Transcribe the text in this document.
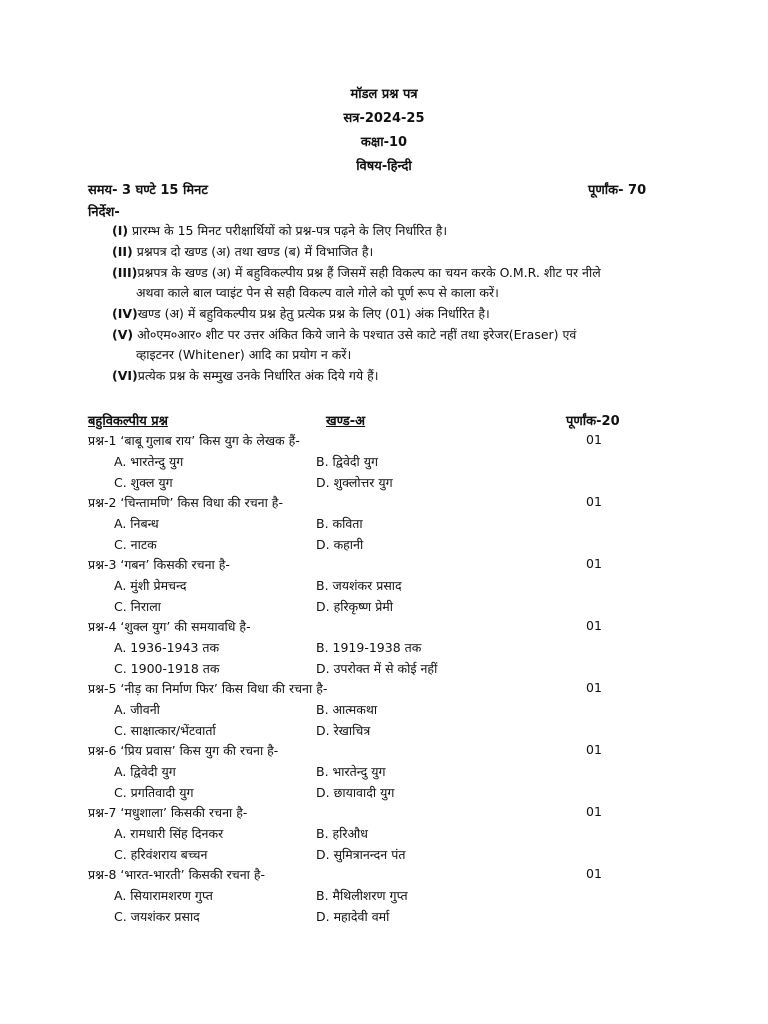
मॉडल प्रश्न पत्र
सत्र-2024-25
कक्षा-10
विषय-हिन्दी
समय- 3 घण्टे 15 मिनट	पूर्णांक- 70
निर्देश-
(I) प्रारम्भ के 15 मिनट परीक्षार्थियों को प्रश्न-पत्र पढ़ने के लिए निर्धारित है।
(II) प्रश्नपत्र दो खण्ड (अ) तथा खण्ड (ब) में विभाजित है।
(III)प्रश्नपत्र के खण्ड (अ) में बहुविकल्पीय प्रश्न हैं जिसमें सही विकल्प का चयन करके O.M.R. शीट पर नीले
अथवा काले बाल प्वाइंट पेन से सही विकल्प वाले गोले को पूर्ण रूप से काला करें।
(IV)खण्ड (अ) में बहुविकल्पीय प्रश्न हेतु प्रत्येक प्रश्न के लिए (01) अंक निर्धारित है।
(V) ओ०एम०आर० शीट पर उत्तर अंकित किये जाने के पश्चात उसे काटे नहीं तथा इरेजर(Eraser) एवं
व्हाइटनर (Whitener) आदि का प्रयोग न करें।
(VI)प्रत्येक प्रश्न के सम्मुख उनके निर्धारित अंक दिये गये हैं।
बहुविकल्पीय प्रश्न	खण्ड-अ	पूर्णांक-20
प्रश्न-1 ‘बाबू गुलाब राय’ किस युग के लेखक हैं-	01
A. भारतेन्दु युग	B. द्विवेदी युग
C. शुक्ल युग	D. शुक्लोत्तर युग
प्रश्न-2 ‘चिन्तामणि’ किस विधा की रचना है-	01
A. निबन्ध	B. कविता
C. नाटक	D. कहानी
प्रश्न-3 ‘गबन’ किसकी रचना है-	01
A. मुंशी प्रेमचन्द	B. जयशंकर प्रसाद
C. निराला	D. हरिकृष्ण प्रेमी
प्रश्न-4 ‘शुक्ल युग’ की समयावधि है-	01
A. 1936-1943 तक	B. 1919-1938 तक
C. 1900-1918 तक	D. उपरोक्त में से कोई नहीं
प्रश्न-5 ‘नीड़ का निर्माण फिर’ किस विधा की रचना है-	01
A. जीवनी	B. आत्मकथा
C. साक्षात्कार/भेंटवार्ता	D. रेखाचित्र
प्रश्न-6 ‘प्रिय प्रवास’ किस युग की रचना है-	01
A. द्विवेदी युग	B. भारतेन्दु युग
C. प्रगतिवादी युग	D. छायावादी युग
प्रश्न-7 ‘मधुशाला’ किसकी रचना है-	01
A. रामधारी सिंह दिनकर	B. हरिऔध
C. हरिवंशराय बच्चन	D. सुमित्रानन्दन पंत
प्रश्न-8 ‘भारत-भारती’ किसकी रचना है-	01
A. सियारामशरण गुप्त	B. मैथिलीशरण गुप्त
C. जयशंकर प्रसाद	D. महादेवी वर्मा
